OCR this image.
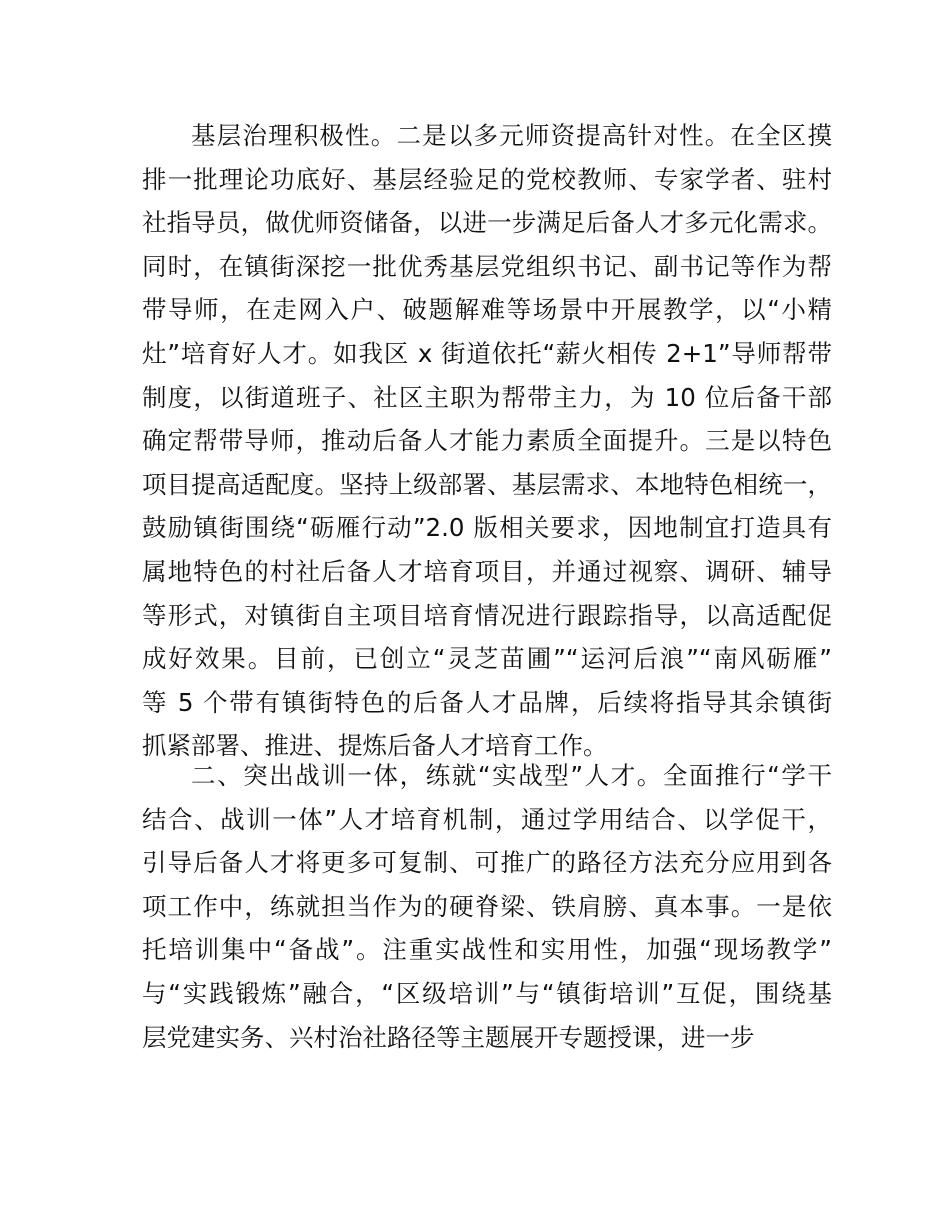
基层治理积极性。二是以多元师资提高针对性。在全区摸
排一批理论功底好、基层经验足的党校教师、专家学者、驻村
社指导员，做优师资储备，以进一步满足后备人才多元化需求。
同时，在镇街深挖一批优秀基层党组织书记、副书记等作为帮
带导师，在走网入户、破题解难等场景中开展教学，以“小精
灶”培育好人才。如我区 x 街道依托“薪火相传 2+1”导师帮带
制度，以街道班子、社区主职为帮带主力，为 10 位后备干部
确定帮带导师，推动后备人才能力素质全面提升。三是以特色
项目提高适配度。坚持上级部署、基层需求、本地特色相统一，
鼓励镇街围绕“砺雁行动”2.0 版相关要求，因地制宜打造具有
属地特色的村社后备人才培育项目，并通过视察、调研、辅导
等形式，对镇街自主项目培育情况进行跟踪指导，以高适配促
成好效果。目前，已创立“灵芝苗圃”“运河后浪”“南风砺雁”
等 5 个带有镇街特色的后备人才品牌，后续将指导其余镇街
抓紧部署、推进、提炼后备人才培育工作。
二、突出战训一体，练就“实战型”人才。全面推行“学干
结合、战训一体”人才培育机制，通过学用结合、以学促干，
引导后备人才将更多可复制、可推广的路径方法充分应用到各
项工作中，练就担当作为的硬脊梁、铁肩膀、真本事。一是依
托培训集中“备战”。注重实战性和实用性，加强“现场教学”
与“实践锻炼”融合，“区级培训”与“镇街培训”互促，围绕基
层党建实务、兴村治社路径等主题展开专题授课，进一步
